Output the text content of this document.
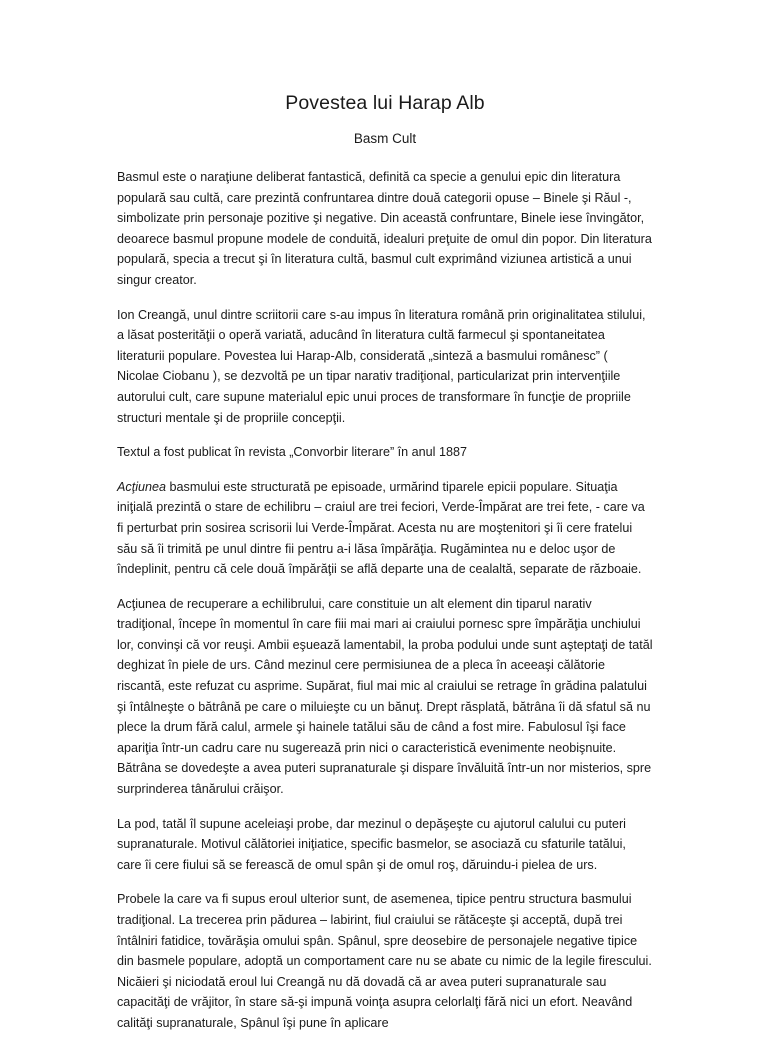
Povestea lui Harap Alb
Basm Cult

Basmul este o naraţiune deliberat fantastică, definită ca specie a genului epic din literatura populară sau cultă, care prezintă confruntarea dintre două categorii opuse – Binele şi Răul -, simbolizate prin personaje pozitive şi negative. Din această confruntare, Binele iese învingător, deoarece basmul propune modele de conduită, idealuri preţuite de omul din popor. Din literatura populară, specia a trecut şi în literatura cultă, basmul cult exprimând viziunea artistică a unui singur creator.

Ion Creangă, unul dintre scriitorii care s-au impus în literatura română prin originalitatea stilului, a lăsat posterităţii o operă variată, aducând în literatura cultă farmecul şi spontaneitatea literaturii populare. Povestea lui Harap-Alb, considerată „sinteză a basmului românesc” ( Nicolae Ciobanu ), se dezvoltă pe un tipar narativ tradiţional, particularizat prin intervenţiile autorului cult, care supune materialul epic unui proces de transformare în funcţie de propriile structuri mentale şi de propriile concepţii.

Textul a fost publicat în revista „Convorbir literare” în anul 1887

Acţiunea basmului este structurată pe episoade, urmărind tiparele epicii populare. Situaţia iniţială prezintă o stare de echilibru – craiul are trei feciori, Verde-Împărat are trei fete, - care va fi perturbat prin sosirea scrisorii lui Verde-Împărat. Acesta nu are moştenitori şi îi cere fratelui său să îi trimită pe unul dintre fii pentru a-i lăsa împărăţia. Rugămintea nu e deloc uşor de îndeplinit, pentru că cele două împărăţii se află departe una de cealaltă, separate de războaie.

Acţiunea de recuperare a echilibrului, care constituie un alt element din tiparul narativ tradiţional, începe în momentul în care fiii mai mari ai craiului pornesc spre împărăţia unchiului lor, convinşi că vor reuşi. Ambii eşuează lamentabil, la proba podului unde sunt aşteptaţi de tatăl deghizat în piele de urs. Când mezinul cere permisiunea de a pleca în aceeaşi călătorie riscantă, este refuzat cu asprime. Supărat, fiul mai mic al craiului se retrage în grădina palatului şi întâlneşte o bătrână pe care o miluieşte cu un bănuţ. Drept răsplată, bătrâna îi dă sfatul să nu plece la drum fără calul, armele şi hainele tatălui său de când a fost mire. Fabulosul îşi face apariţia într-un cadru care nu sugerează prin nici o caracteristică evenimente neobişnuite. Bătrâna se dovedeşte a avea puteri supranaturale şi dispare învăluită într-un nor misterios, spre surprinderea tânărului crăişor.

La pod, tatăl îl supune aceleiaşi probe, dar mezinul o depăşeşte cu ajutorul calului cu puteri supranaturale. Motivul călătoriei iniţiatice, specific basmelor, se asociază cu sfaturile tatălui, care îi cere fiului să se ferească de omul spân şi de omul roş, dăruindu-i pielea de urs.

Probele la care va fi supus eroul ulterior sunt, de asemenea, tipice pentru structura basmului tradiţional. La trecerea prin pădurea – labirint, fiul craiului se rătăceşte şi acceptă, după trei întâlniri fatidice, tovărăşia omului spân. Spânul, spre deosebire de personajele negative tipice din basmele populare, adoptă un comportament care nu se abate cu nimic de la legile firescului. Nicăieri şi niciodată eroul lui Creangă nu dă dovadă că ar avea puteri supranaturale sau capacităţi de vrăjitor, în stare să-şi impună voinţa asupra celorlalţi fără nici un efort. Neavând calităţi supranaturale, Spânul îşi pune în aplicare
